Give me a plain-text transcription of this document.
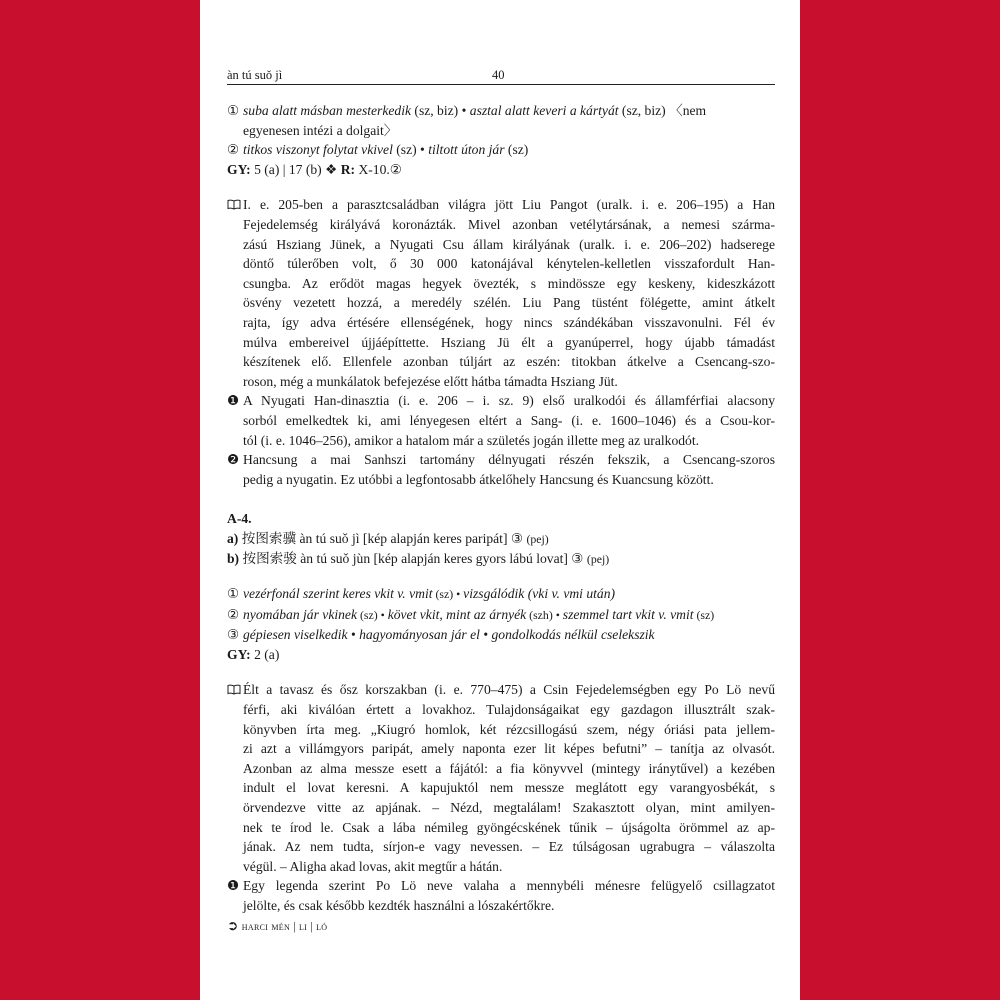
àn tú suǒ jì	40
① suba alatt másban mesterkedik (sz, biz) • asztal alatt keveri a kártyát (sz, biz) 〈nem
egyenesen intézi a dolgait〉
② titkos viszonyt folytat vkivel (sz) • tiltott úton jár (sz)
GY: 5 (a) | 17 (b) ❖ R: X-10.②
I. e. 205-ben a parasztcsaládban világra jött Liu Pangot (uralk. i. e. 206–195) a Han
Fejedelemség királyává koronázták. Mivel azonban vetélytársának, a nemesi szárma-
zású Hsziang Jünek, a Nyugati Csu állam királyának (uralk. i. e. 206–202) hadserege
döntő túlerőben volt, ő 30 000 katonájával kénytelen-kelletlen visszafordult Han-
csungba. Az erődöt magas hegyek övezték, s mindössze egy keskeny, kideszkázott
ösvény vezetett hozzá, a meredély szélén. Liu Pang tüstént fölégette, amint átkelt
rajta, így adva értésére ellenségének, hogy nincs szándékában visszavonulni. Fél év
múlva embereivel újjáépíttette. Hsziang Jü élt a gyanúperrel, hogy újabb támadást
készítenek elő. Ellenfele azonban túljárt az eszén: titokban átkelve a Csencang-szo-
roson, még a munkálatok befejezése előtt hátba támadta Hsziang Jüt.
❶ A Nyugati Han-dinasztia (i. e. 206 – i. sz. 9) első uralkodói és államférfiai alacsony
sorból emelkedtek ki, ami lényegesen eltért a Sang- (i. e. 1600–1046) és a Csou-kor-
tól (i. e. 1046–256), amikor a hatalom már a születés jogán illette meg az uralkodót.
❷ Hancsung a mai Sanhszi tartomány délnyugati részén fekszik, a Csencang-szoros
pedig a nyugatin. Ez utóbbi a legfontosabb átkelőhely Hancsung és Kuancsung között.
A-4.
a) 按图索骥 àn tú suǒ jì [kép alapján keres paripát] ③ (pej)
b) 按图索骏 àn tú suǒ jùn [kép alapján keres gyors lábú lovat] ③ (pej)
① vezérfonál szerint keres vkit v. vmit (sz) • vizsgálódik (vki v. vmi után)
② nyomában jár vkinek (sz) • követ vkit, mint az árnyék (szh) • szemmel tart vkit v. vmit (sz)
③ gépiesen viselkedik • hagyományosan jár el • gondolkodás nélkül cselekszik
GY: 2 (a)
Élt a tavasz és ősz korszakban (i. e. 770–475) a Csin Fejedelemségben egy Po Lö nevű
férfi, aki kiválóan értett a lovakhoz. Tulajdonságaikat egy gazdagon illusztrált szak-
könyvben írta meg. „Kiugró homlok, két rézcsillogású szem, négy óriási pata jellem-
zi azt a villámgyors paripát, amely naponta ezer lit képes befutni” – tanítja az olvasót.
Azonban az alma messze esett a fájától: a fia könyvvel (mintegy iránytűvel) a kezében
indult el lovat keresni. A kapujuktól nem messze meglátott egy varangyosbékát, s
örvendezve vitte az apjának. – Nézd, megtalálam! Szakasztott olyan, mint amilyen-
nek te írod le. Csak a lába némileg gyöngécskének tűnik – újságolta örömmel az ap-
jának. Az nem tudta, sírjon-e vagy nevessen. – Ez túlságosan ugrabugra – válaszolta
végül. – Aligha akad lovas, akit megtűr a hátán.
❶ Egy legenda szerint Po Lö neve valaha a mennybéli ménesre felügyelő csillagzatot
jelölte, és csak később kezdték használni a lószakértőkre.
➲ harci mén | li | ló
